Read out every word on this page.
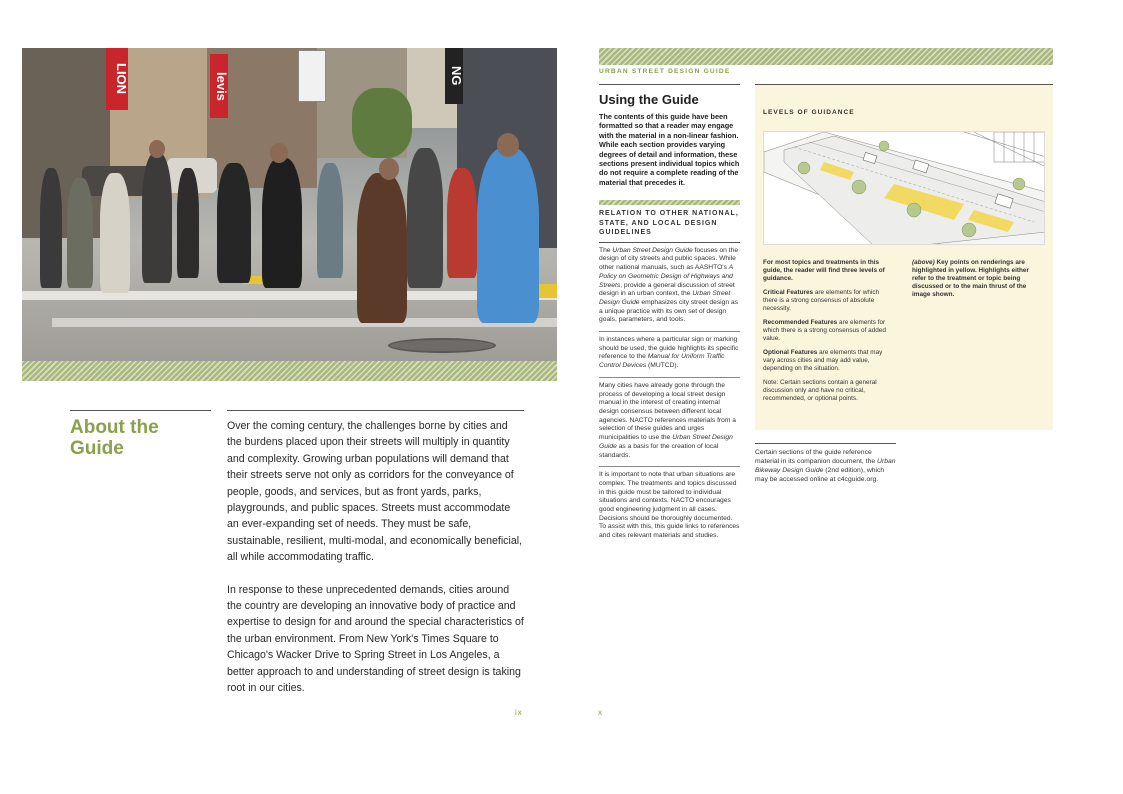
LION	levis	NG
About the Guide

Over the coming century, the challenges borne by cities and the burdens placed upon their streets will multiply in quantity and complexity. Growing urban populations will demand that their streets serve not only as corridors for the conveyance of people, goods, and services, but as front yards, parks, playgrounds, and public spaces. Streets must accommodate an ever-expanding set of needs. They must be safe, sustainable, resilient, multi-modal, and economically beneficial, all while accommodating traffic.

In response to these unprecedented demands, cities around the country are developing an innovative body of practice and expertise to design for and around the special characteristics of the urban environment. From New York's Times Square to Chicago's Wacker Drive to Spring Street in Los Angeles, a better approach to and understanding of street design is taking root in our cities.

ix
URBAN STREET DESIGN GUIDE
Using the Guide
The contents of this guide have been formatted so that a reader may engage with the material in a non-linear fashion. While each section provides varying degrees of detail and information, these sections present individual topics which do not require a complete reading of the material that precedes it.
RELATION TO OTHER NATIONAL, STATE, AND LOCAL DESIGN GUIDELINES
The Urban Street Design Guide focuses on the design of city streets and public spaces. While other national manuals, such as AASHTO's A Policy on Geometric Design of Highways and Streets, provide a general discussion of street design in an urban context, the Urban Street Design Guide emphasizes city street design as a unique practice with its own set of design goals, parameters, and tools.
In instances where a particular sign or marking should be used, the guide highlights its specific reference to the Manual for Uniform Traffic Control Devices (MUTCD).
Many cities have already gone through the process of developing a local street design manual in the interest of creating internal design consensus between different local agencies. NACTO references materials from a selection of these guides and urges municipalities to use the Urban Street Design Guide as a basis for the creation of local standards.
It is important to note that urban situations are complex. The treatments and topics discussed in this guide must be tailored to individual situations and contexts. NACTO encourages good engineering judgment in all cases. Decisions should be thoroughly documented. To assist with this, this guide links to references and cites relevant materials and studies.
LEVELS OF GUIDANCE

For most topics and treatments in this guide, the reader will find three levels of guidance.

Critical Features are elements for which there is a strong consensus of absolute necessity.

Recommended Features are elements for which there is a strong consensus of added value.

Optional Features are elements that may vary across cities and may add value, depending on the situation.

Note: Certain sections contain a general discussion only and have no critical, recommended, or optional points.

(above) Key points on renderings are highlighted in yellow. Highlights either refer to the treatment or topic being discussed or to the main thrust of the image shown.
Certain sections of the guide reference material in its companion document, the Urban Bikeway Design Guide (2nd edition), which may be accessed online at c4cguide.org.
x
